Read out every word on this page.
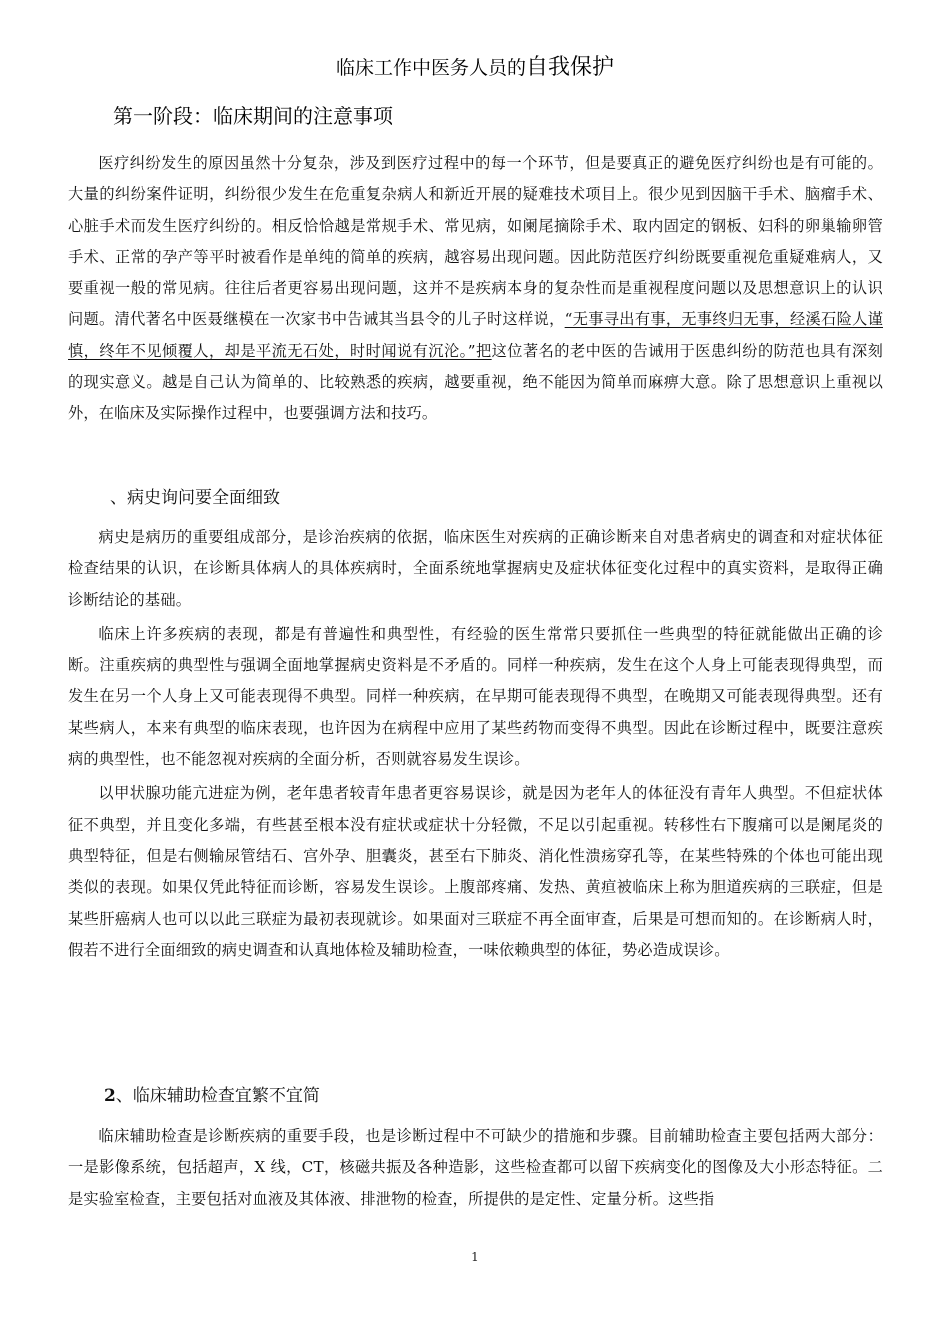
临床工作中医务人员的自我保护
第一阶段：临床期间的注意事项

医疗纠纷发生的原因虽然十分复杂，涉及到医疗过程中的每一个环节，但是要真正的避免医疗纠纷也是有可能的。大量的纠纷案件证明，纠纷很少发生在危重复杂病人和新近开展的疑难技术项目上。很少见到因脑干手术、脑瘤手术、心脏手术而发生医疗纠纷的。相反恰恰越是常规手术、常见病，如阑尾摘除手术、取内固定的钢板、妇科的卵巢输卵管手术、正常的孕产等平时被看作是单纯的简单的疾病，越容易出现问题。因此防范医疗纠纷既要重视危重疑难病人，又要重视一般的常见病。往往后者更容易出现问题，这并不是疾病本身的复杂性而是重视程度问题以及思想意识上的认识问题。清代著名中医聂继模在一次家书中告诫其当县令的儿子时这样说，“无事寻出有事，无事终归无事，经溪石险人谨慎，终年不见倾覆人，却是平流无石处，时时闻说有沉沦。”把这位著名的老中医的告诫用于医患纠纷的防范也具有深刻的现实意义。越是自己认为简单的、比较熟悉的疾病，越要重视，绝不能因为简单而麻痹大意。除了思想意识上重视以外，在临床及实际操作过程中，也要强调方法和技巧。

、病史询问要全面细致

病史是病历的重要组成部分，是诊治疾病的依据，临床医生对疾病的正确诊断来自对患者病史的调查和对症状体征检查结果的认识，在诊断具体病人的具体疾病时，全面系统地掌握病史及症状体征变化过程中的真实资料，是取得正确诊断结论的基础。

临床上许多疾病的表现，都是有普遍性和典型性，有经验的医生常常只要抓住一些典型的特征就能做出正确的诊断。注重疾病的典型性与强调全面地掌握病史资料是不矛盾的。同样一种疾病，发生在这个人身上可能表现得典型，而发生在另一个人身上又可能表现得不典型。同样一种疾病，在早期可能表现得不典型，在晚期又可能表现得典型。还有某些病人，本来有典型的临床表现，也许因为在病程中应用了某些药物而变得不典型。因此在诊断过程中，既要注意疾病的典型性，也不能忽视对疾病的全面分析，否则就容易发生误诊。

以甲状腺功能亢进症为例，老年患者较青年患者更容易误诊，就是因为老年人的体征没有青年人典型。不但症状体征不典型，并且变化多端，有些甚至根本没有症状或症状十分轻微，不足以引起重视。转移性右下腹痛可以是阑尾炎的典型特征，但是右侧输尿管结石、宫外孕、胆囊炎，甚至右下肺炎、消化性溃疡穿孔等，在某些特殊的个体也可能出现类似的表现。如果仅凭此特征而诊断，容易发生误诊。上腹部疼痛、发热、黄疸被临床上称为胆道疾病的三联症，但是某些肝癌病人也可以以此三联症为最初表现就诊。如果面对三联症不再全面审查，后果是可想而知的。在诊断病人时，假若不进行全面细致的病史调查和认真地体检及辅助检查，一味依赖典型的体征，势必造成误诊。

2、临床辅助检查宜繁不宜简

临床辅助检查是诊断疾病的重要手段，也是诊断过程中不可缺少的措施和步骤。目前辅助检查主要包括两大部分：一是影像系统，包括超声，X 线，CT，核磁共振及各种造影，这些检查都可以留下疾病变化的图像及大小形态特征。二是实验室检查，主要包括对血液及其体液、排泄物的检查，所提供的是定性、定量分析。这些指

1
